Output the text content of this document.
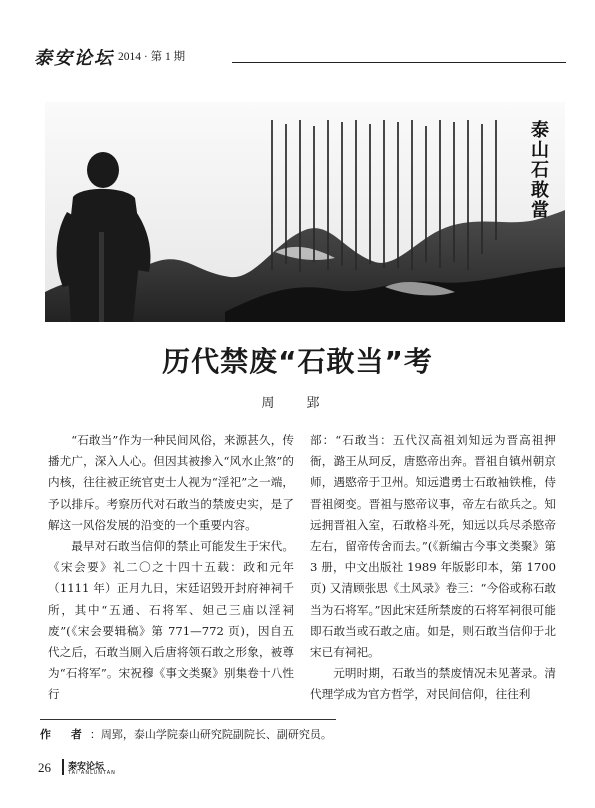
泰安论坛 2014 · 第 1 期
泰山石敢當
历代禁废“石敢当”考
周 郢

“石敢当”作为一种民间风俗，来源甚久，传播尤广，深入人心。但因其被掺入“风水止煞”的内核，往往被正统官吏士人视为“淫祀”之一端，予以排斥。考察历代对石敢当的禁废史实，是了解这一风俗发展的沿变的一个重要内容。

最早对石敢当信仰的禁止可能发生于宋代。《宋会要》礼二〇之十四十五载：政和元年（1111 年）正月九日，宋廷诏毁开封府神祠千所，其中“五通、石将军、妲己三庙以淫祠废”(《宋会要辑稿》第 771—772 页)，因自五代之后，石敢当厕入后唐将领石敢之形象，被尊为“石将军”。宋祝穆《事文类聚》别集卷十八性行

部：“石敢当：五代汉高祖刘知远为晋高祖押衙，潞王从珂反，唐愍帝出奔。晋祖自镇州朝京师，遇愍帝于卫州。知远遣勇士石敢袖铁椎，侍晋祖阌变。晋祖与愍帝议事，帝左右欲兵之。知远拥晋祖入室，石敢格斗死，知远以兵尽杀愍帝左右，留帝传舍而去。”(《新编古今事文类聚》第 3 册，中文出版社 1989 年版影印本，第 1700 页) 又清顾张思《土风录》卷三：“今俗或称石敢当为石将军。”因此宋廷所禁废的石将军祠很可能即石敢当或石敢之庙。如是，则石敢当信仰于北宋已有祠祀。

元明时期，石敢当的禁废情况未见著录。清代理学成为官方哲学，对民间信仰，往往利

作 者：周郢，泰山学院泰山研究院副院长、副研究员。
26 泰安论坛
TAI'ANLUNTAN
